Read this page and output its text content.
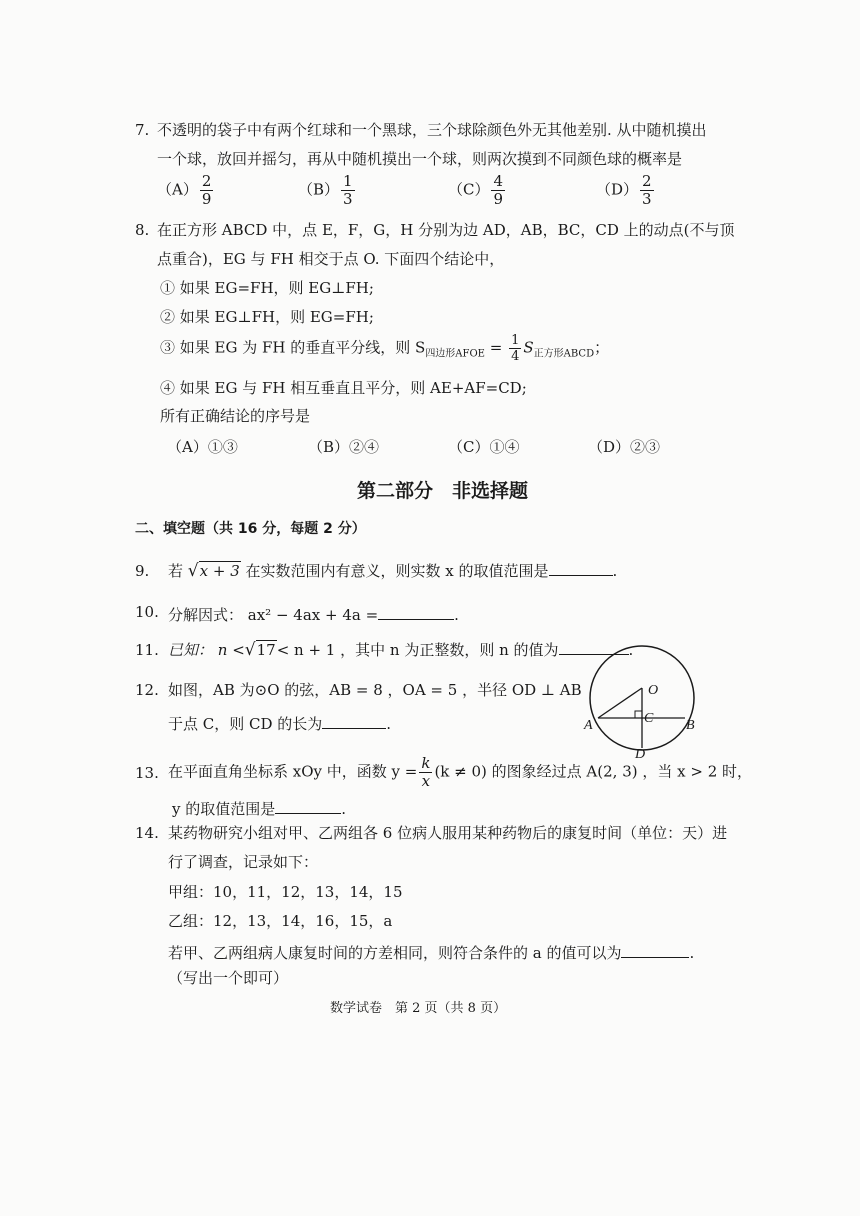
7. 不透明的袋子中有两个红球和一个黑球，三个球除颜色外无其他差别. 从中随机摸出
一个球，放回并摇匀，再从中随机摸出一个球，则两次摸到不同颜色球的概率是
$(A) \frac{2}{9}$	$(B) \frac{1}{3}$	$(C) \frac{4}{9}$	$(D) \frac{2}{3}$
8. 在正方形 ABCD 中，点 E，F，G，H 分别为边 AD，AB，BC，CD 上的动点(不与顶
点重合)，EG 与 FH 相交于点 O. 下面四个结论中，
① 如果 EG=FH，则 EG⊥FH;
② 如果 EG⊥FH，则 EG=FH;
③ 如果 EG 为 FH 的垂直平分线，则 $S_{四边形AFOE} = \frac{1}{4} S_{正方形ABCD}$；
④ 如果 EG 与 FH 相互垂直且平分，则 AE+AF=CD;
所有正确结论的序号是
（A）①③	（B）②④	（C）①④	（D）②③
第二部分　非选择题
二、填空题（共 16 分，每题 2 分）
9. 若 √x + 3 在实数范围内有意义，则实数 x 的取值范围是	.
10. 分解因式： ax² − 4ax + 4a =	.
11. 已知： n <√17< n + 1 ，其中 n 为正整数，则 n 的值为	.
12. 如图，AB 为⊙O 的弦，AB = 8 ，OA = 5 ，半径 OD ⊥ AB
于点 C，则 CD 的长为	.
O
A	B
C
D
13. 在平面直角坐标系 xOy 中，函数 $y = \frac{k}{x} (k \ne 0)$ 的图象经过点 A(2, 3) ，当 x > 2 时，
y 的取值范围是	.
14. 某药物研究小组对甲、乙两组各 6 位病人服用某种药物后的康复时间（单位：天）进
行了调查，记录如下：
甲组：10，11，12，13，14，15
乙组：12，13，14，16，15，a
若甲、乙两组病人康复时间的方差相同，则符合条件的 a 的值可以为	.
（写出一个即可）
数学试卷　第 2 页（共 8 页）
